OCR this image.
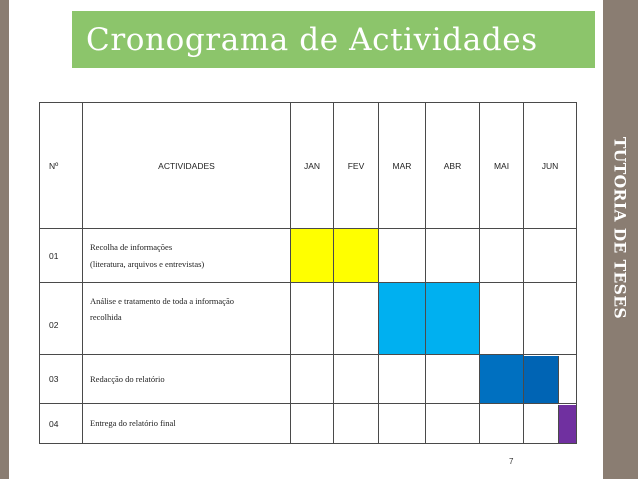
TUTORIA DE TESES
Cronograma de Actividades
Nº	ACTIVIDADES	JAN	FEV	MAR	ABR	MAI	JUN
01	Recolha de informações
(literatura, arquivos e entrevistas)						

02	Análise e tratamento de toda a informação
recolhida						

03	Redacção do relatório						

04	Entrega do relatório final						

7
